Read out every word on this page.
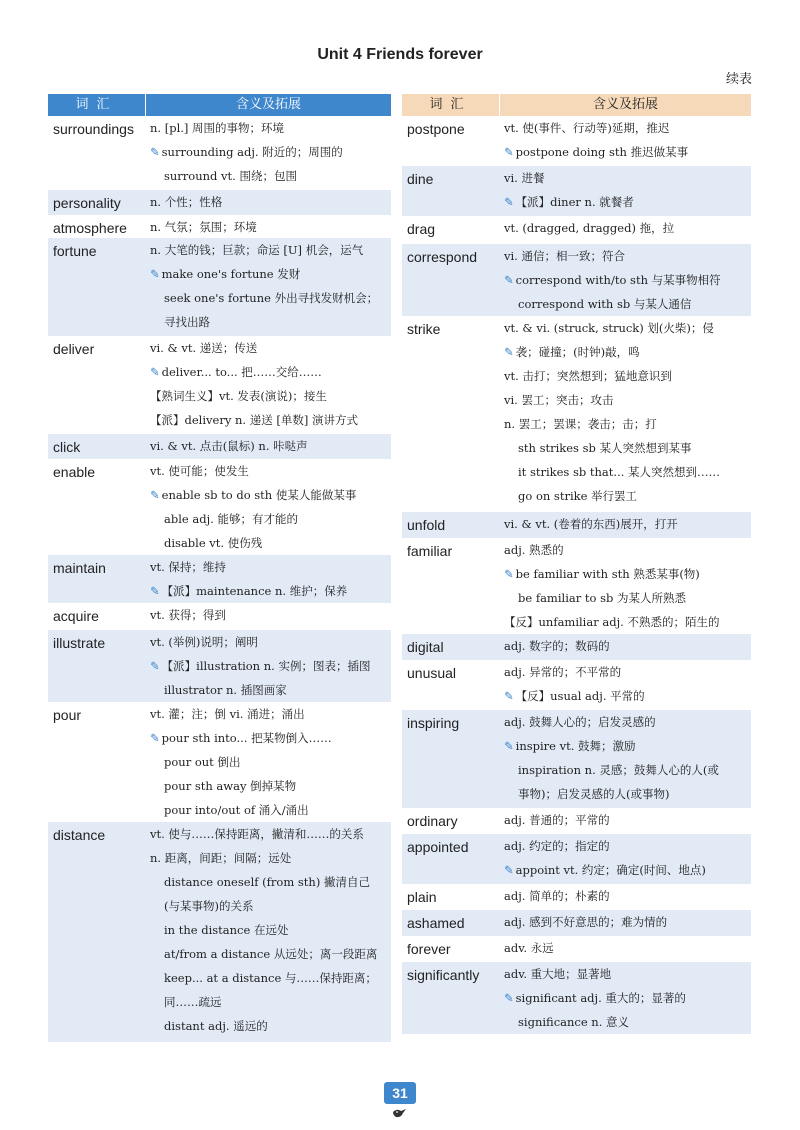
Unit 4 Friends forever
续表
词汇	含义及拓展
surroundings	n. [pl.] 周围的事物；环境
✎ surrounding adj. 附近的；周围的
surround vt. 围绕；包围
personality	n. 个性；性格
atmosphere	n. 气氛；氛围；环境
fortune	n. 大笔的钱；巨款；命运 [U] 机会，运气
✎ make one's fortune 发财
seek one's fortune 外出寻找发财机会；
寻找出路
deliver	vi. & vt. 递送；传送
✎ deliver... to... 把……交给……
【熟词生义】vt. 发表(演说)；接生
【派】delivery n. 递送 [单数] 演讲方式
click	vi. & vt. 点击(鼠标) n. 咔哒声
enable	vt. 使可能；使发生
✎ enable sb to do sth 使某人能做某事
able adj. 能够；有才能的
disable vt. 使伤残
maintain	vt. 保持；维持
✎ 【派】maintenance n. 维护；保养
acquire	vt. 获得；得到
illustrate	vt. (举例)说明；阐明
✎ 【派】illustration n. 实例；图表；插图
illustrator n. 插图画家
pour	vt. 灌；注；倒 vi. 涌进；涌出
✎ pour sth into... 把某物倒入……
pour out 倒出
pour sth away 倒掉某物
pour into/out of 涌入/涌出
distance	vt. 使与……保持距离，撇清和……的关系
n. 距离，间距；间隔；远处
distance oneself (from sth) 撇清自己
(与某事物)的关系
in the distance 在远处
at/from a distance 从远处；离一段距离
keep... at a distance 与……保持距离；
同……疏远
distant adj. 遥远的
词汇	含义及拓展
postpone	vt. 使(事件、行动等)延期，推迟
✎ postpone doing sth 推迟做某事
dine	vi. 进餐
✎ 【派】diner n. 就餐者
drag	vt. (dragged, dragged) 拖，拉
correspond	vi. 通信；相一致；符合
✎ correspond with/to sth 与某事物相符
correspond with sb 与某人通信
strike	vt. & vi. (struck, struck) 划(火柴)；侵
✎ 袭；碰撞；(时钟)敲，鸣
vt. 击打；突然想到；猛地意识到
vi. 罢工；突击；攻击
n. 罢工；罢课；袭击；击；打
sth strikes sb 某人突然想到某事
it strikes sb that... 某人突然想到……
go on strike 举行罢工
unfold	vi. & vt. (卷着的东西)展开，打开
familiar	adj. 熟悉的
✎ be familiar with sth 熟悉某事(物)
be familiar to sb 为某人所熟悉
【反】unfamiliar adj. 不熟悉的；陌生的
digital	adj. 数字的；数码的
unusual	adj. 异常的；不平常的
✎ 【反】usual adj. 平常的
inspiring	adj. 鼓舞人心的；启发灵感的
✎ inspire vt. 鼓舞；激励
inspiration n. 灵感；鼓舞人心的人(或
事物)；启发灵感的人(或事物)
ordinary	adj. 普通的；平常的
appointed	adj. 约定的；指定的
✎ appoint vt. 约定；确定(时间、地点)
plain	adj. 简单的；朴素的
ashamed	adj. 感到不好意思的；难为情的
forever	adv. 永远
significantly	adv. 重大地；显著地
✎ significant adj. 重大的；显著的
significance n. 意义
31
